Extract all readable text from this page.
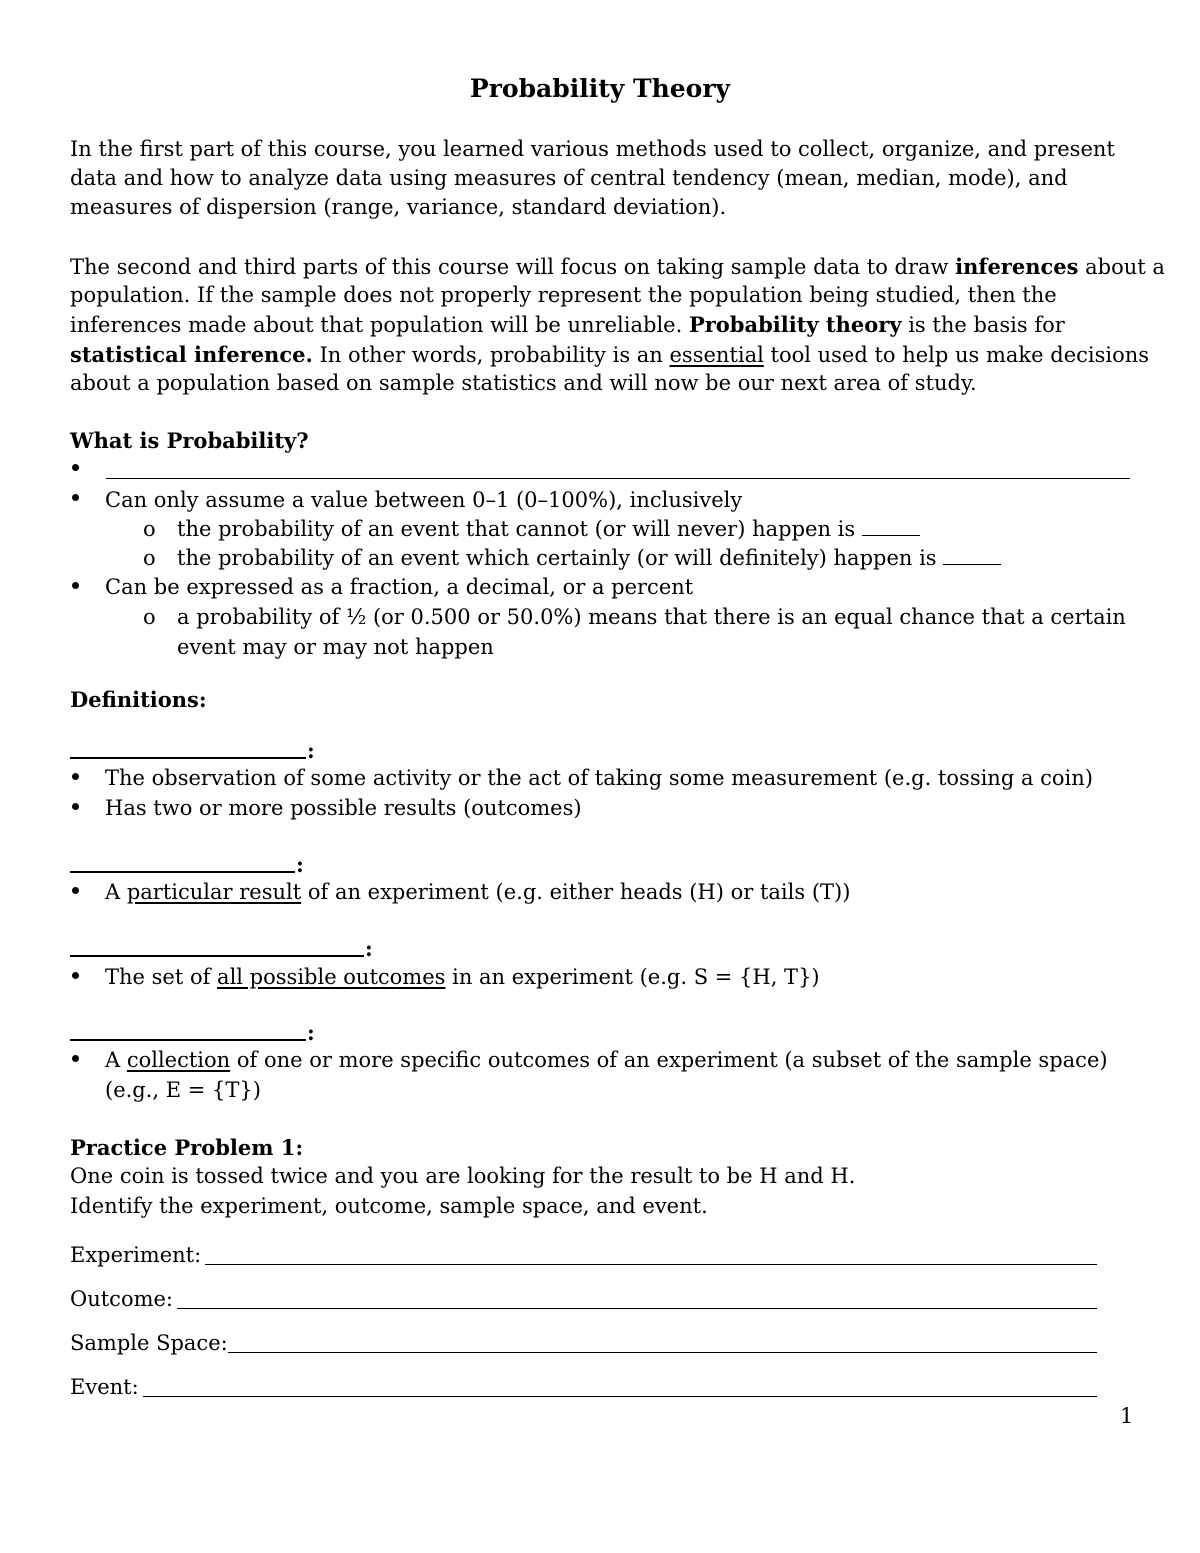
Probability Theory
In the first part of this course, you learned various methods used to collect, organize, and present
data and how to analyze data using measures of central tendency (mean, median, mode), and
measures of dispersion (range, variance, standard deviation).
The second and third parts of this course will focus on taking sample data to draw inferences about a
population. If the sample does not properly represent the population being studied, then the
inferences made about that population will be unreliable. Probability theory is the basis for
statistical inference. In other words, probability is an essential tool used to help us make decisions
about a population based on sample statistics and will now be our next area of study.
What is Probability?
Can only assume a value between 0–1 (0–100%), inclusively
o the probability of an event that cannot (or will never) happen is
o the probability of an event which certainly (or will definitely) happen is
Can be expressed as a fraction, a decimal, or a percent
o a probability of ½ (or 0.500 or 50.0%) means that there is an equal chance that a certain
event may or may not happen
Definitions:
:
The observation of some activity or the act of taking some measurement (e.g. tossing a coin)
Has two or more possible results (outcomes)
:
A particular result of an experiment (e.g. either heads (H) or tails (T))
:
The set of all possible outcomes in an experiment (e.g. S = {H, T})
:
A collection of one or more specific outcomes of an experiment (a subset of the sample space)
(e.g., E = {T})
Practice Problem 1:
One coin is tossed twice and you are looking for the result to be H and H.
Identify the experiment, outcome, sample space, and event.
Experiment:
Outcome:
Sample Space:
Event:
1
